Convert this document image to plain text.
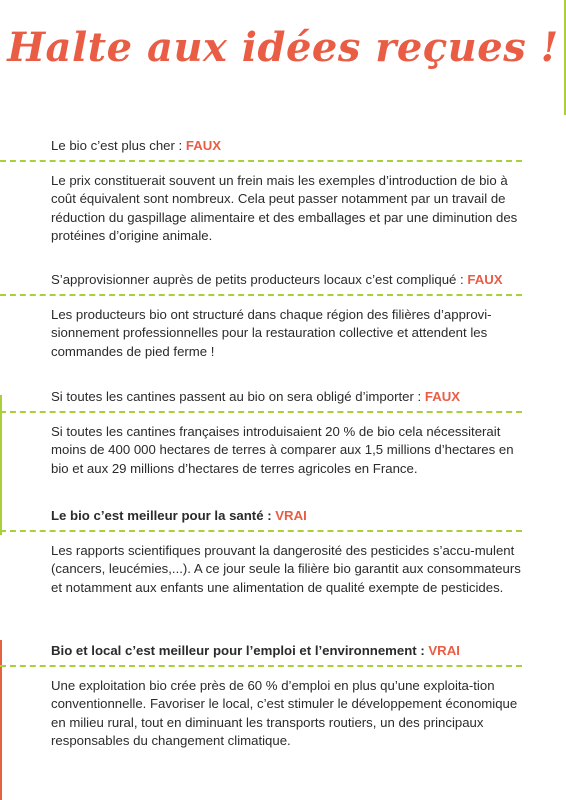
Halte aux idées reçues !

Le bio c’est plus cher : FAUX

Le prix constituerait souvent un frein mais les exemples d’introduction de bio à coût équivalent sont nombreux. Cela peut passer notamment par un travail de réduction du gaspillage alimentaire et des emballages et par une diminution des protéines d’origine animale.

S’approvisionner auprès de petits producteurs locaux c’est compliqué : FAUX

Les producteurs bio ont structuré dans chaque région des filières d’approvi-sionnement professionnelles pour la restauration collective et attendent les commandes de pied ferme !

Si toutes les cantines passent au bio on sera obligé d’importer : FAUX

Si toutes les cantines françaises introduisaient 20 % de bio cela nécessiterait moins de 400 000 hectares de terres à comparer aux 1,5 millions d’hectares en bio et aux 29 millions d’hectares de terres agricoles en France.

Le bio c’est meilleur pour la santé : VRAI

Les rapports scientifiques prouvant la dangerosité des pesticides s’accu-mulent (cancers, leucémies,...). A ce jour seule la filière bio garantit aux consommateurs et notamment aux enfants une alimentation de qualité exempte de pesticides.

Bio et local c’est meilleur pour l’emploi et l’environnement : VRAI

Une exploitation bio crée près de 60 % d’emploi en plus qu’une exploita-tion conventionnelle. Favoriser le local, c’est stimuler le développement économique en milieu rural, tout en diminuant les transports routiers, un des principaux responsables du changement climatique.
